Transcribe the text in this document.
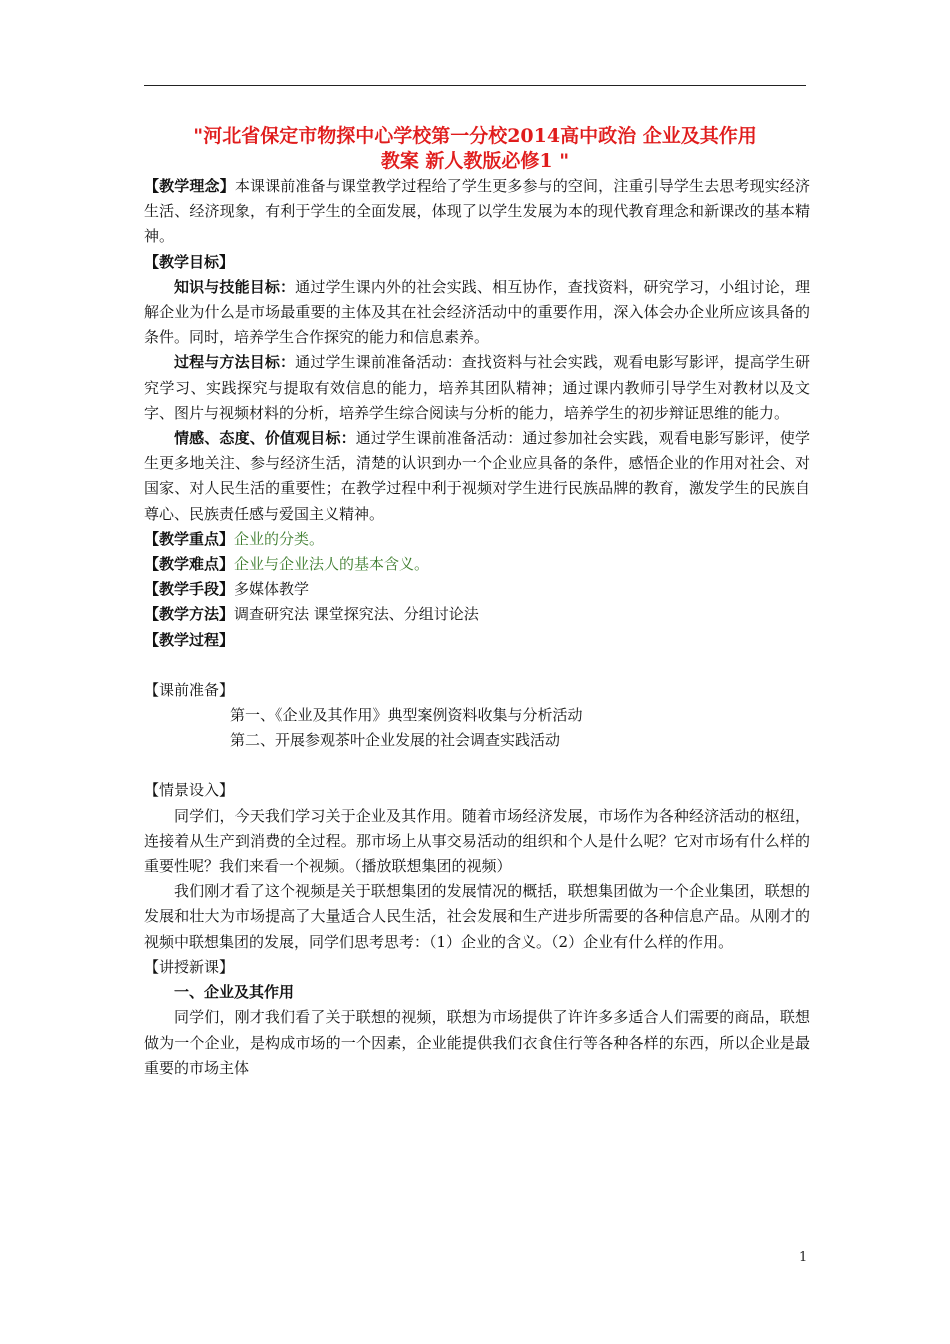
"河北省保定市物探中心学校第一分校2014高中政治 企业及其作用
教案 新人教版必修1 "

【教学理念】本课课前准备与课堂教学过程给了学生更多参与的空间，注重引导学生去思考现实经济生活、经济现象，有利于学生的全面发展，体现了以学生发展为本的现代教育理念和新课改的基本精神。

【教学目标】

知识与技能目标：通过学生课内外的社会实践、相互协作，查找资料，研究学习，小组讨论，理解企业为什么是市场最重要的主体及其在社会经济活动中的重要作用，深入体会办企业所应该具备的条件。同时，培养学生合作探究的能力和信息素养。

过程与方法目标：通过学生课前准备活动：查找资料与社会实践，观看电影写影评，提高学生研究学习、实践探究与提取有效信息的能力，培养其团队精神；通过课内教师引导学生对教材以及文字、图片与视频材料的分析，培养学生综合阅读与分析的能力，培养学生的初步辩证思维的能力。

情感、态度、价值观目标：通过学生课前准备活动：通过参加社会实践，观看电影写影评，使学生更多地关注、参与经济生活，清楚的认识到办一个企业应具备的条件，感悟企业的作用对社会、对国家、对人民生活的重要性；在教学过程中利于视频对学生进行民族品牌的教育，激发学生的民族自尊心、民族责任感与爱国主义精神。

【教学重点】企业的分类。

【教学难点】企业与企业法人的基本含义。

【教学手段】多媒体教学

【教学方法】调查研究法 课堂探究法、分组讨论法

【教学过程】

【课前准备】

第一、《企业及其作用》典型案例资料收集与分析活动

第二、开展参观茶叶企业发展的社会调查实践活动

【情景设入】

同学们，今天我们学习关于企业及其作用。随着市场经济发展，市场作为各种经济活动的枢纽，连接着从生产到消费的全过程。那市场上从事交易活动的组织和个人是什么呢？它对市场有什么样的重要性呢？我们来看一个视频。（播放联想集团的视频）

我们刚才看了这个视频是关于联想集团的发展情况的概括，联想集团做为一个企业集团，联想的发展和壮大为市场提高了大量适合人民生活，社会发展和生产进步所需要的各种信息产品。从刚才的视频中联想集团的发展，同学们思考思考：（1）企业的含义。（2）企业有什么样的作用。

【讲授新课】

一、企业及其作用

同学们，刚才我们看了关于联想的视频，联想为市场提供了许许多多适合人们需要的商品，联想做为一个企业，是构成市场的一个因素，企业能提供我们衣食住行等各种各样的东西，所以企业是最重要的市场主体

1
